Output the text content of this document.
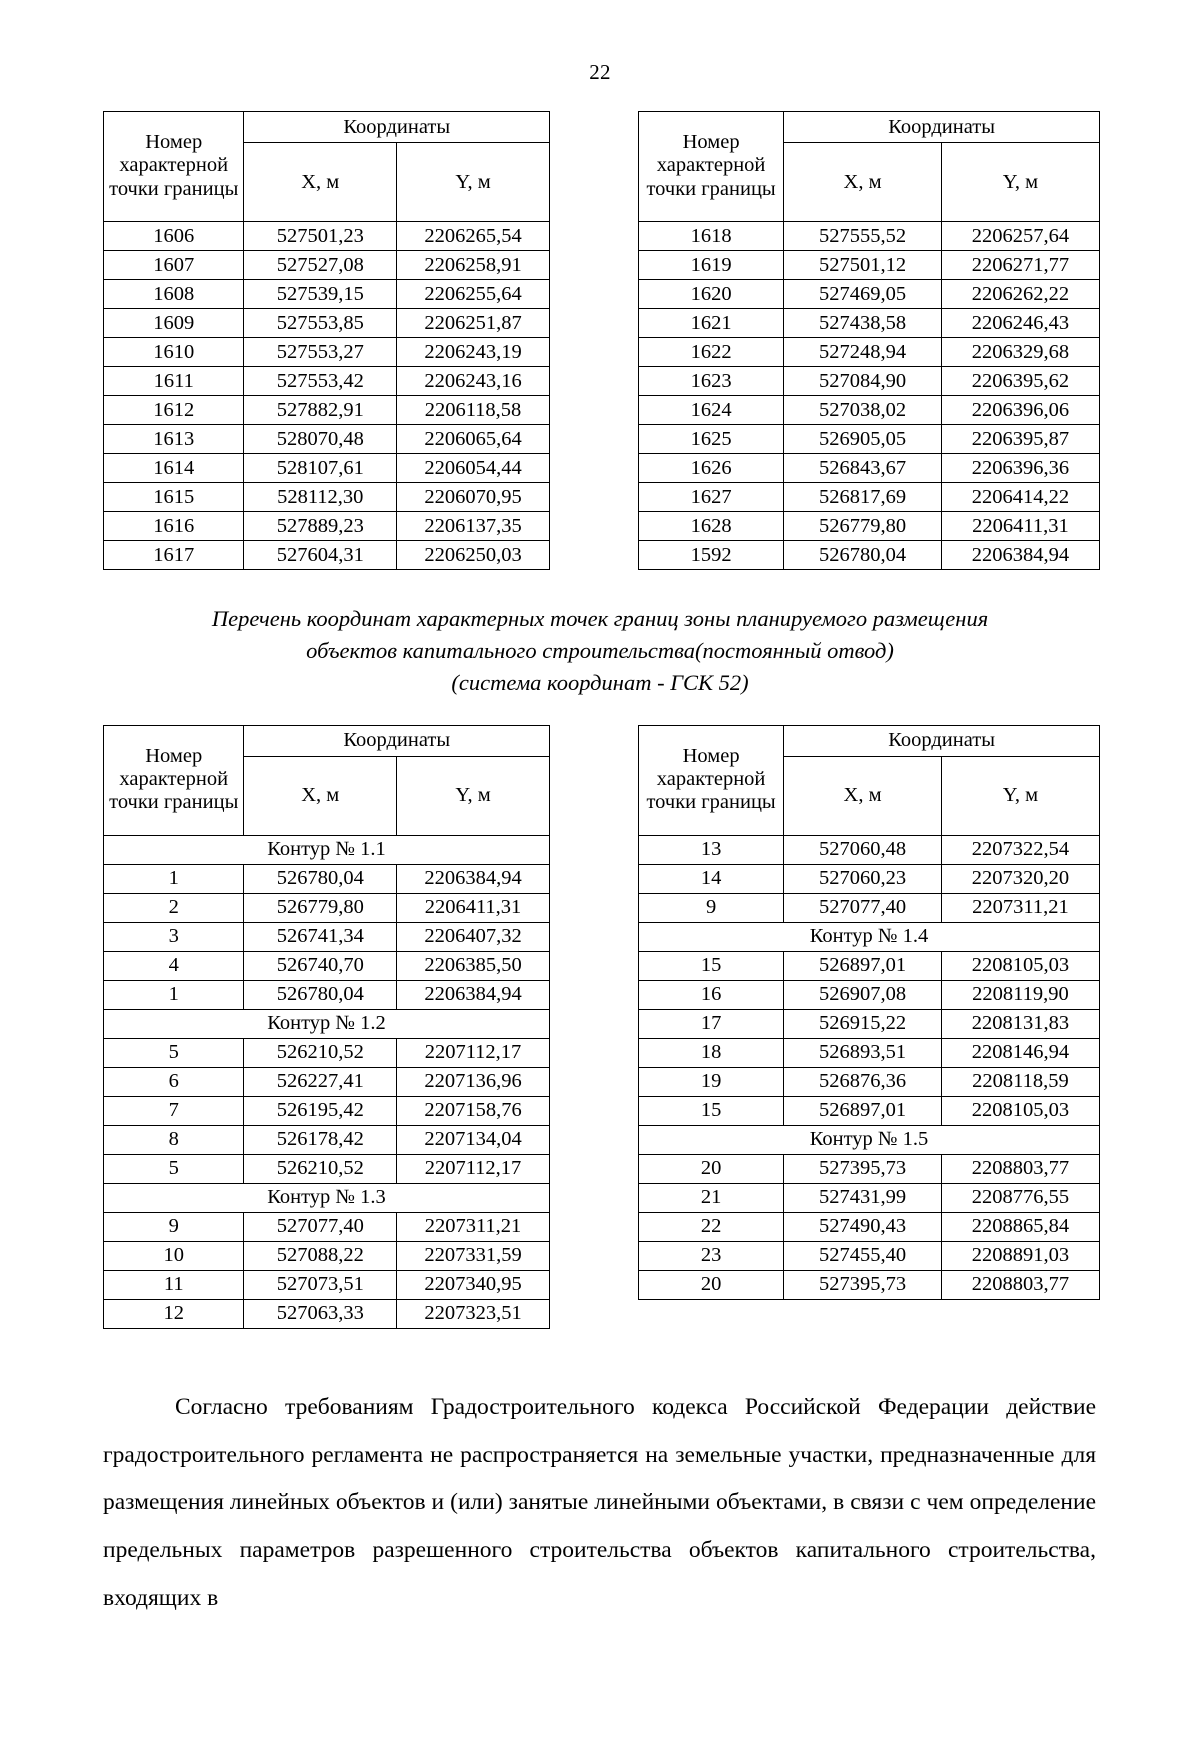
22
Номер характерной точки границы	Координаты	
	X, м	Y, м
1606	527501,23	2206265,54
1607	527527,08	2206258,91
1608	527539,15	2206255,64
1609	527553,85	2206251,87
1610	527553,27	2206243,19
1611	527553,42	2206243,16
1612	527882,91	2206118,58
1613	528070,48	2206065,64
1614	528107,61	2206054,44
1615	528112,30	2206070,95
1616	527889,23	2206137,35
1617	527604,31	2206250,03
Номер характерной точки границы	Координаты	
	X, м	Y, м
1618	527555,52	2206257,64
1619	527501,12	2206271,77
1620	527469,05	2206262,22
1621	527438,58	2206246,43
1622	527248,94	2206329,68
1623	527084,90	2206395,62
1624	527038,02	2206396,06
1625	526905,05	2206395,87
1626	526843,67	2206396,36
1627	526817,69	2206414,22
1628	526779,80	2206411,31
1592	526780,04	2206384,94
Перечень координат характерных точек границ зоны планируемого размещения
объектов капитального строительства(постоянный отвод)
(система координат - ГСК 52)
Номер характерной точки границы	Координаты	
	X, м	Y, м
Контур № 1.1		
1	526780,04	2206384,94
2	526779,80	2206411,31
3	526741,34	2206407,32
4	526740,70	2206385,50
1	526780,04	2206384,94
Контур № 1.2		
5	526210,52	2207112,17
6	526227,41	2207136,96
7	526195,42	2207158,76
8	526178,42	2207134,04
5	526210,52	2207112,17
Контур № 1.3		
9	527077,40	2207311,21
10	527088,22	2207331,59
11	527073,51	2207340,95
12	527063,33	2207323,51
Номер характерной точки границы	Координаты	
	X, м	Y, м
13	527060,48	2207322,54
14	527060,23	2207320,20
9	527077,40	2207311,21
Контур № 1.4		
15	526897,01	2208105,03
16	526907,08	2208119,90
17	526915,22	2208131,83
18	526893,51	2208146,94
19	526876,36	2208118,59
15	526897,01	2208105,03
Контур № 1.5		
20	527395,73	2208803,77
21	527431,99	2208776,55
22	527490,43	2208865,84
23	527455,40	2208891,03
20	527395,73	2208803,77

Согласно требованиям Градостроительного кодекса Российской Федерации действие градостроительного регламента не распространяется на земельные участки, предназначенные для размещения линейных объектов и (или) занятые линейными объектами, в связи с чем определение предельных параметров разрешенного строительства объектов капитального строительства, входящих в
